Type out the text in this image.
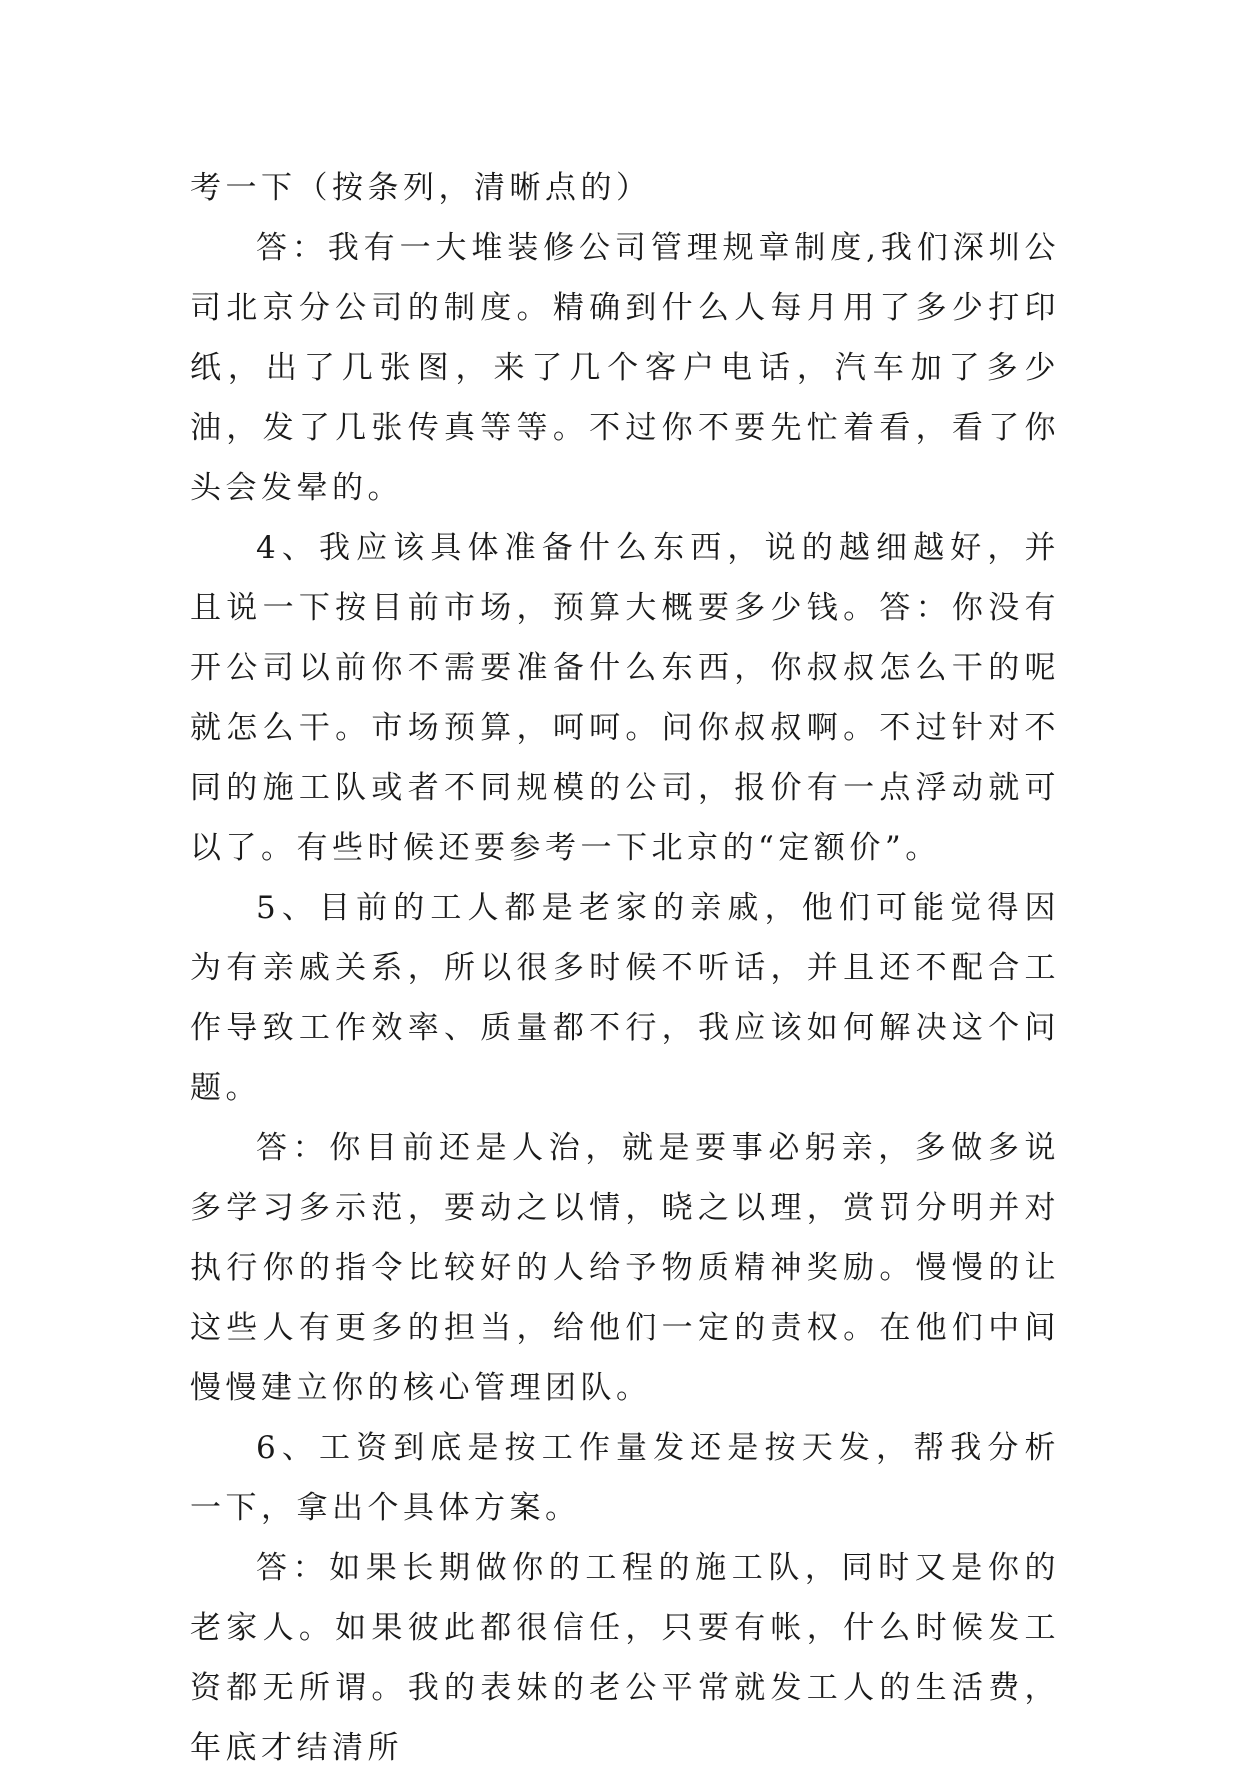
考一下（按条列，清晰点的）

答：我有一大堆装修公司管理规章制度,我们深圳公司北京分公司的制度。精确到什么人每月用了多少打印纸，出了几张图，来了几个客户电话，汽车加了多少油，发了几张传真等等。不过你不要先忙着看，看了你头会发晕的。

4、我应该具体准备什么东西，说的越细越好，并且说一下按目前市场，预算大概要多少钱。答：你没有开公司以前你不需要准备什么东西，你叔叔怎么干的呢就怎么干。市场预算，呵呵。问你叔叔啊。不过针对不同的施工队或者不同规模的公司，报价有一点浮动就可以了。有些时候还要参考一下北京的“定额价”。

5、目前的工人都是老家的亲戚，他们可能觉得因为有亲戚关系，所以很多时候不听话，并且还不配合工作导致工作效率、质量都不行，我应该如何解决这个问题。

答：你目前还是人治，就是要事必躬亲，多做多说多学习多示范，要动之以情，晓之以理，赏罚分明并对执行你的指令比较好的人给予物质精神奖励。慢慢的让这些人有更多的担当，给他们一定的责权。在他们中间慢慢建立你的核心管理团队。

6、工资到底是按工作量发还是按天发，帮我分析一下，拿出个具体方案。

答：如果长期做你的工程的施工队，同时又是你的老家人。如果彼此都很信任，只要有帐，什么时候发工资都无所谓。我的表妹的老公平常就发工人的生活费，年底才结清所
